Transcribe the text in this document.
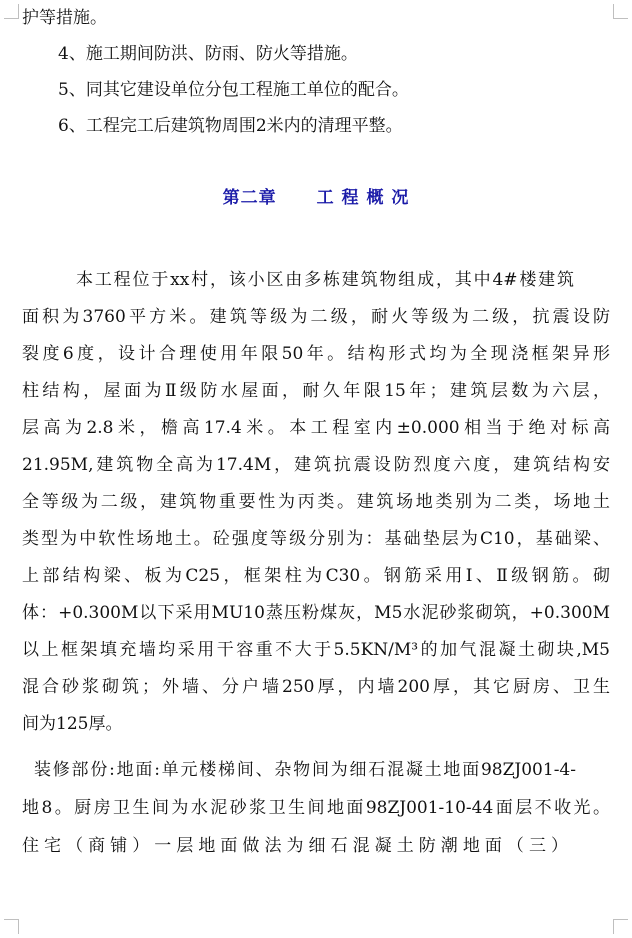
护等措施。
4、施工期间防洪、防雨、防火等措施。
5、同其它建设单位分包工程施工单位的配合。
6、工程完工后建筑物周围2米内的清理平整。
第二章 工 程 概 况
本工程位于xx村，该小区由多栋建筑物组成，其中4#楼建筑
面积为3760平方米。建筑等级为二级，耐火等级为二级，抗震设防
裂度6度，设计合理使用年限50年。结构形式均为全现浇框架异形
柱结构，屋面为Ⅱ级防水屋面，耐久年限15年；建筑层数为六层，
层高为2.8米，檐高17.4米。本工程室内±0.000相当于绝对标高
21.95M,建筑物全高为17.4M，建筑抗震设防烈度六度，建筑结构安
全等级为二级，建筑物重要性为丙类。建筑场地类别为二类，场地土
类型为中软性场地土。砼强度等级分别为：基础垫层为C10，基础梁、
上部结构梁、板为C25，框架柱为C30。钢筋采用Ⅰ、Ⅱ级钢筋。砌
体：+0.300M以下采用MU10蒸压粉煤灰，M5水泥砂浆砌筑，+0.300M
以上框架填充墙均采用干容重不大于5.5KN/M³的加气混凝土砌块,M5
混合砂浆砌筑；外墙、分户墙250厚，内墙200厚，其它厨房、卫生
间为125厚。
装修部份:地面:单元楼梯间、杂物间为细石混凝土地面98ZJ001-4-
地8。厨房卫生间为水泥砂浆卫生间地面98ZJ001-10-44面层不收光。
住宅（商铺）一层地面做法为细石混凝土防潮地面（三）
